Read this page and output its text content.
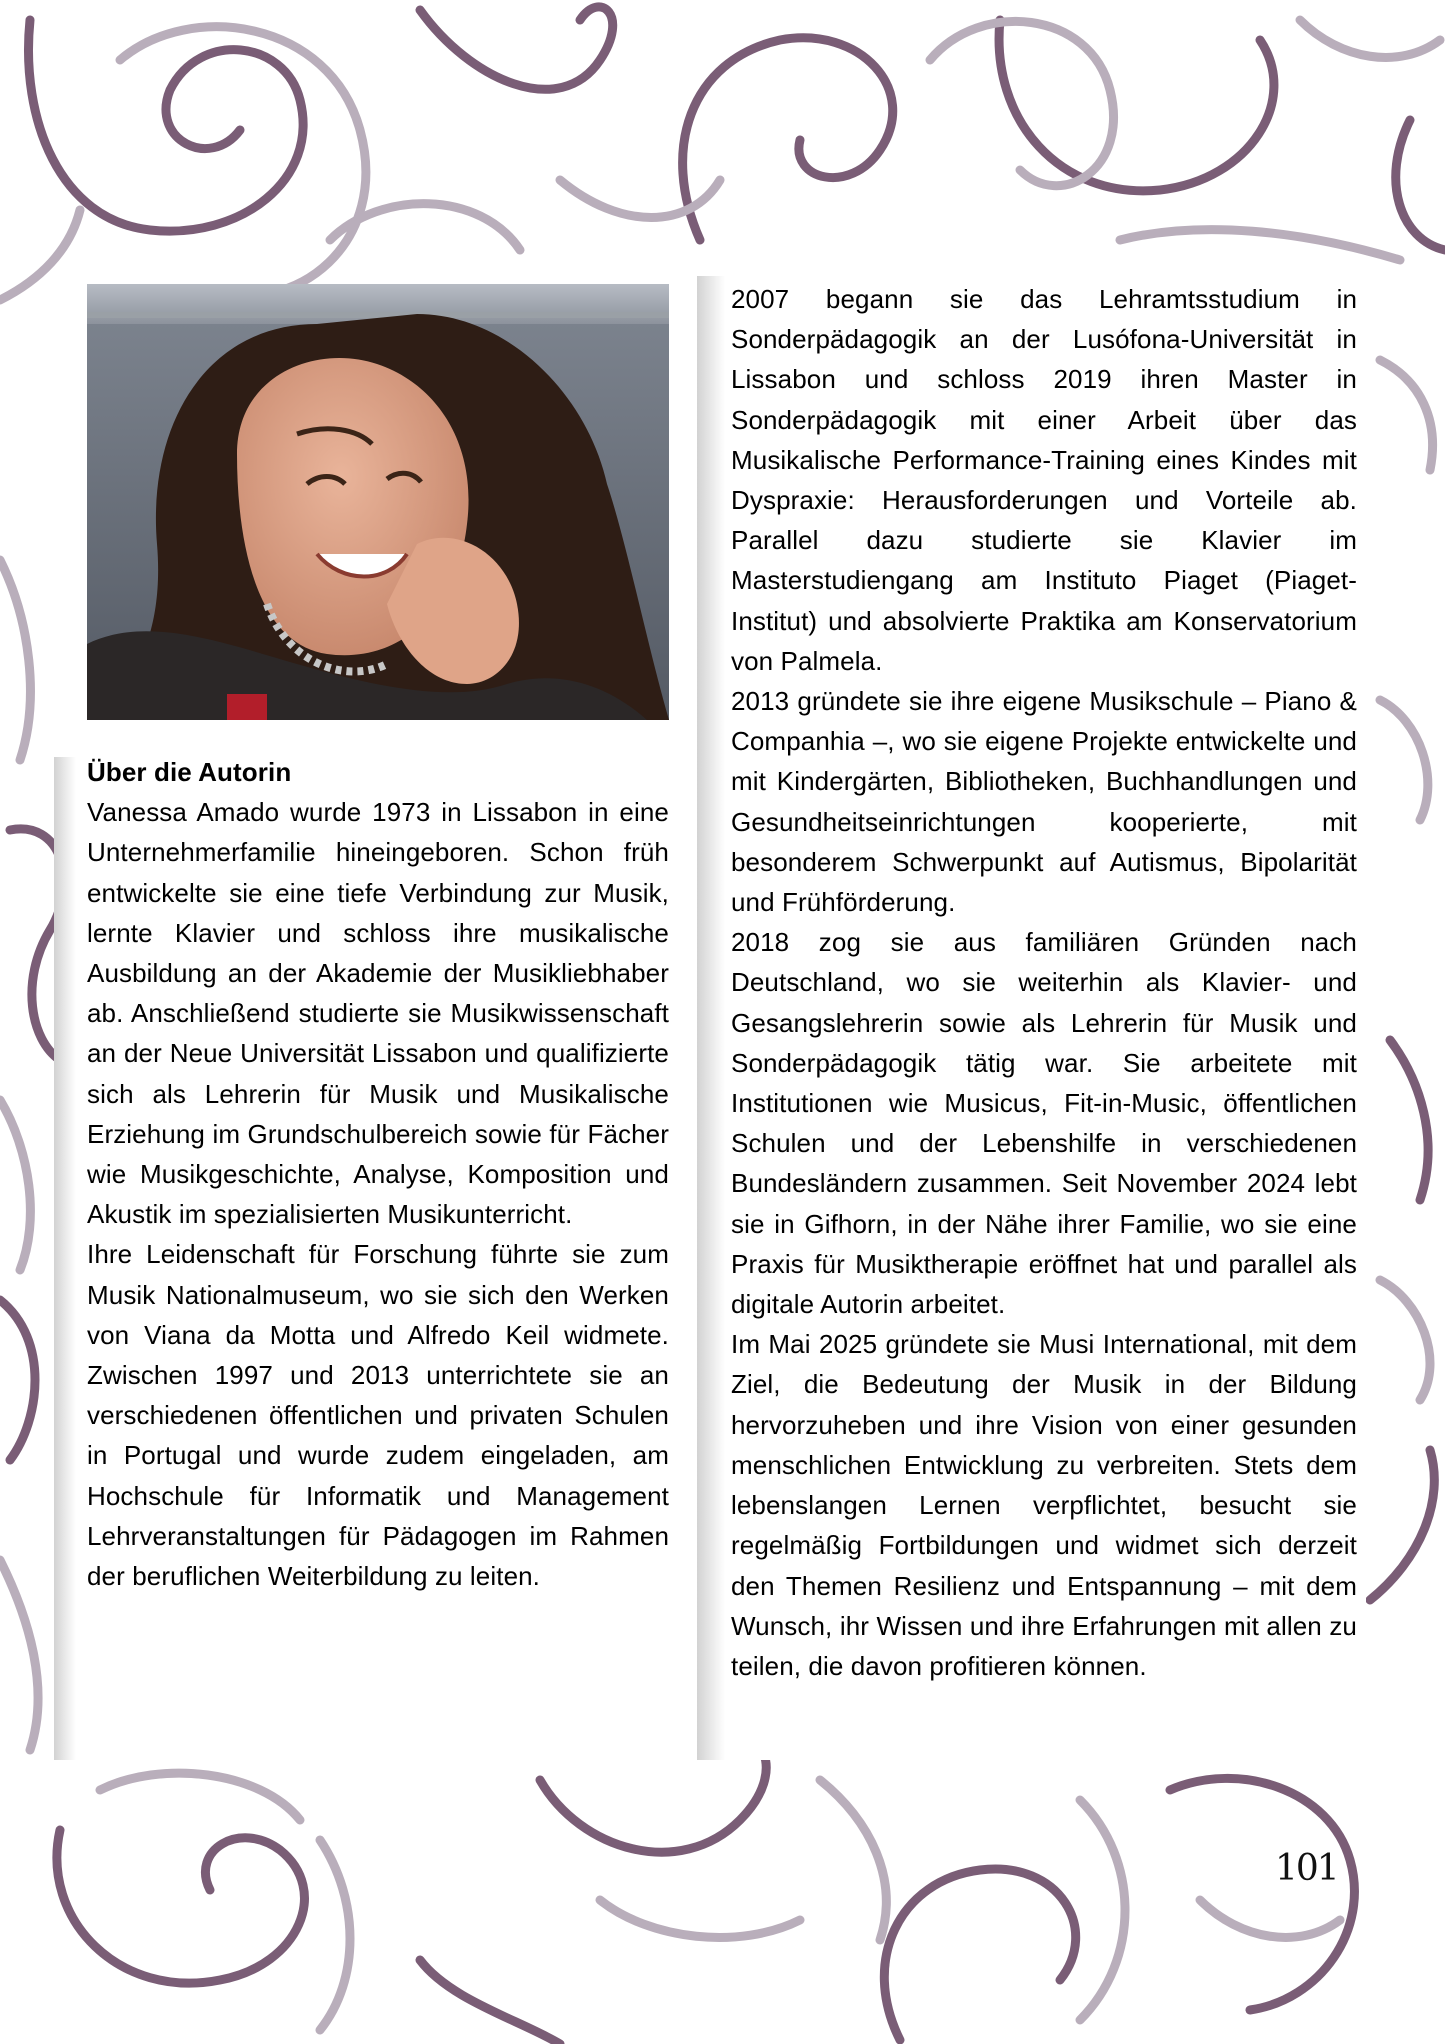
Über die Autorin

Vanessa Amado wurde 1973 in Lissabon in eine Unternehmerfamilie hineingeboren. Schon früh entwickelte sie eine tiefe Verbindung zur Musik, lernte Klavier und schloss ihre musikalische Ausbildung an der Akademie der Musikliebhaber ab. Anschließend studierte sie Musikwissenschaft an der Neue Universität Lissabon und qualifizierte sich als Lehrerin für Musik und Musikalische Erziehung im Grundschulbereich sowie für Fächer wie Musikgeschichte, Analyse, Komposition und Akustik im spezialisierten Musikunterricht.

Ihre Leidenschaft für Forschung führte sie zum Musik Nationalmuseum, wo sie sich den Werken von Viana da Motta und Alfredo Keil widmete. Zwischen 1997 und 2013 unterrichtete sie an verschiedenen öffentlichen und privaten Schulen in Portugal und wurde zudem eingeladen, am Hochschule für Informatik und Management Lehrveranstaltungen für Pädagogen im Rahmen der beruflichen Weiterbildung zu leiten.

2007 begann sie das Lehramtsstudium in Sonderpädagogik an der Lusófona-Universität in Lissabon und schloss 2019 ihren Master in Sonderpädagogik mit einer Arbeit über das Musikalische Performance-Training eines Kindes mit Dyspraxie: Herausforderungen und Vorteile ab. Parallel dazu studierte sie Klavier im Masterstudiengang am Instituto Piaget (Piaget-Institut) und absolvierte Praktika am Konservatorium von Palmela.

2013 gründete sie ihre eigene Musikschule – Piano & Companhia –, wo sie eigene Projekte entwickelte und mit Kindergärten, Bibliotheken, Buchhandlungen und Gesundheitseinrichtungen kooperierte, mit besonderem Schwerpunkt auf Autismus, Bipolarität und Frühförderung.

2018 zog sie aus familiären Gründen nach Deutschland, wo sie weiterhin als Klavier- und Gesangslehrerin sowie als Lehrerin für Musik und Sonderpädagogik tätig war. Sie arbeitete mit Institutionen wie Musicus, Fit-in-Music, öffentlichen Schulen und der Lebenshilfe in verschiedenen Bundesländern zusammen. Seit November 2024 lebt sie in Gifhorn, in der Nähe ihrer Familie, wo sie eine Praxis für Musiktherapie eröffnet hat und parallel als digitale Autorin arbeitet.

Im Mai 2025 gründete sie Musi International, mit dem Ziel, die Bedeutung der Musik in der Bildung hervorzuheben und ihre Vision von einer gesunden menschlichen Entwicklung zu verbreiten. Stets dem lebenslangen Lernen verpflichtet, besucht sie regelmäßig Fortbildungen und widmet sich derzeit den Themen Resilienz und Entspannung – mit dem Wunsch, ihr Wissen und ihre Erfahrungen mit allen zu teilen, die davon profitieren können.

101
